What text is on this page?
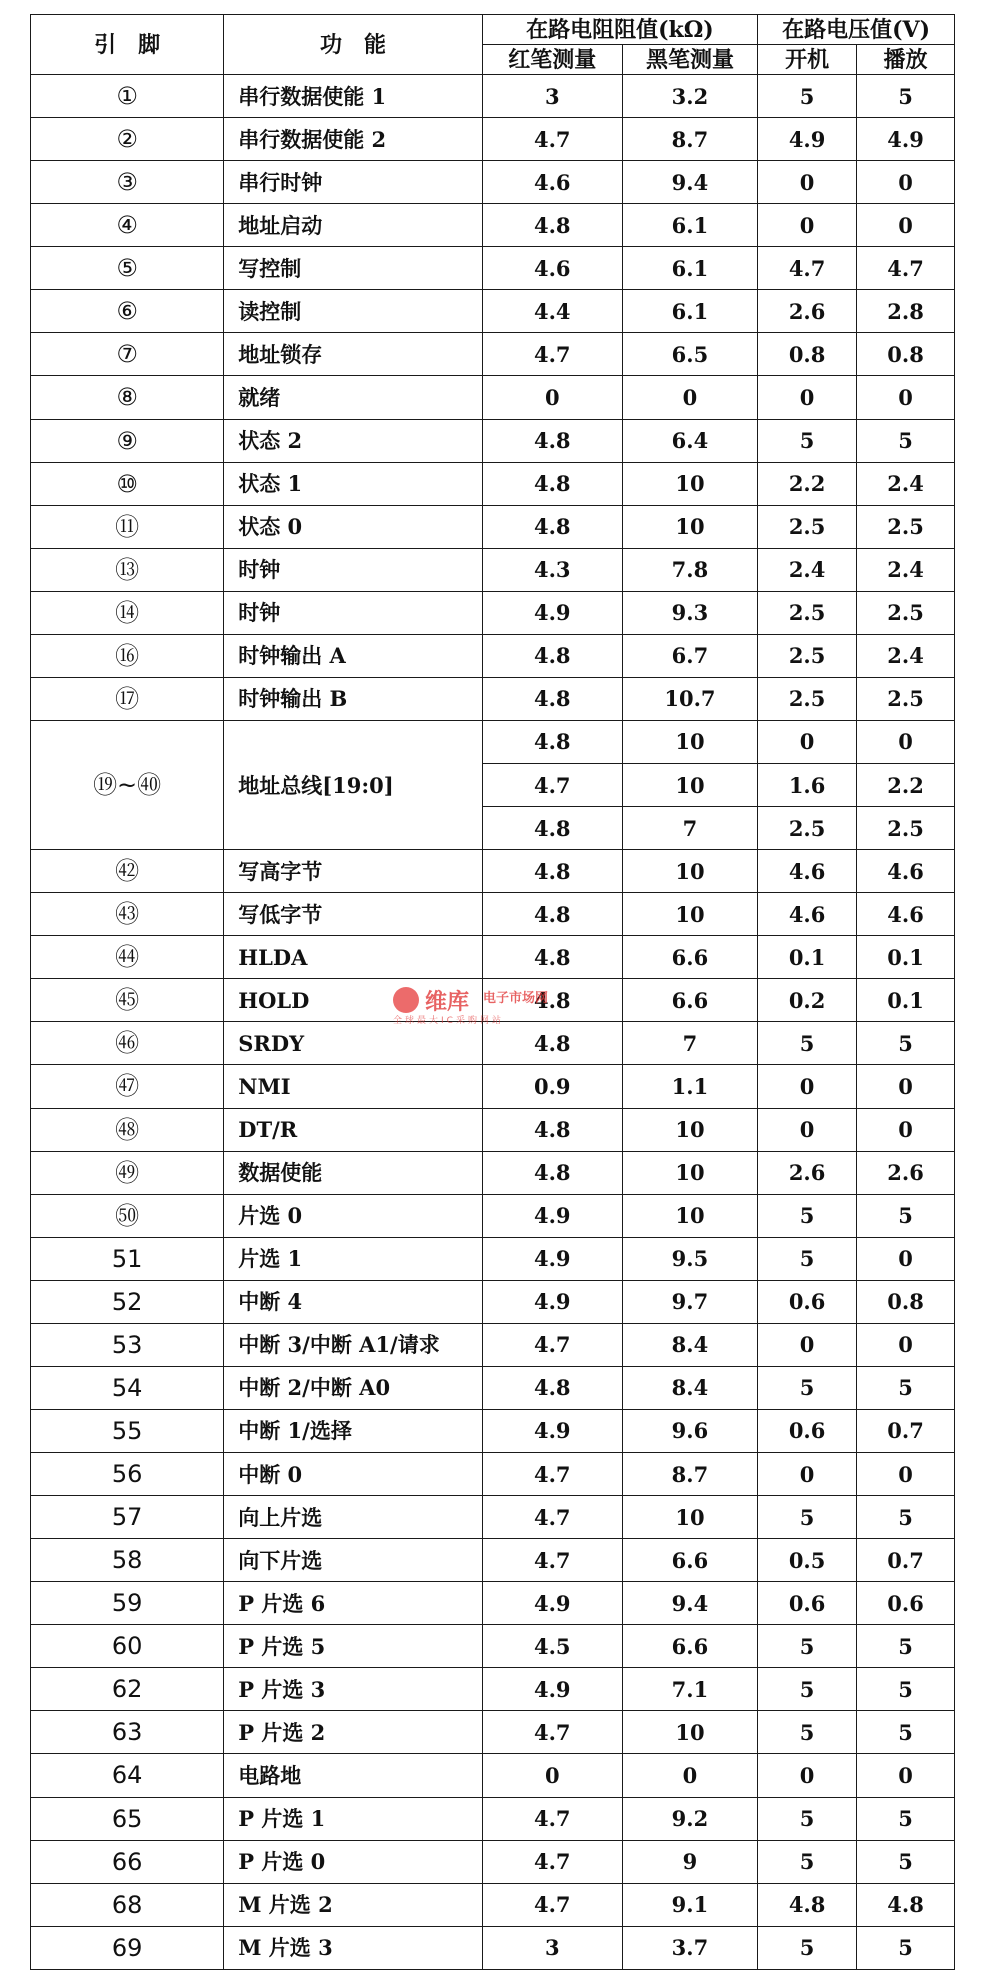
引　脚	功　能	在路电阻阻值(kΩ)		在路电压值(V)	
		红笔测量	黑笔测量	开机	播放
①	串行数据使能 1	3	3.2	5	5
②	串行数据使能 2	4.7	8.7	4.9	4.9
③	串行时钟	4.6	9.4	0	0
④	地址启动	4.8	6.1	0	0
⑤	写控制	4.6	6.1	4.7	4.7
⑥	读控制	4.4	6.1	2.6	2.8
⑦	地址锁存	4.7	6.5	0.8	0.8
⑧	就绪	0	0	0	0
⑨	状态 2	4.8	6.4	5	5
⑩	状态 1	4.8	10	2.2	2.4
⑪	状态 0	4.8	10	2.5	2.5
⑬	时钟	4.3	7.8	2.4	2.4
⑭	时钟	4.9	9.3	2.5	2.5
⑯	时钟输出 A	4.8	6.7	2.5	2.4
⑰	时钟输出 B	4.8	10.7	2.5	2.5
⑲~㊵	地址总线[19:0]	4.8	10	0	0
		4.7	10	1.6	2.2
		4.8	7	2.5	2.5
㊷	写高字节	4.8	10	4.6	4.6
㊸	写低字节	4.8	10	4.6	4.6
㊹	HLDA	4.8	6.6	0.1	0.1
㊺	HOLD	4.8	6.6	0.2	0.1
㊻	SRDY	4.8	7	5	5
㊼	NMI	0.9	1.1	0	0
㊽	DT/R	4.8	10	0	0
㊾	数据使能	4.8	10	2.6	2.6
㊿	片选 0	4.9	10	5	5
51	片选 1	4.9	9.5	5	0
52	中断 4	4.9	9.7	0.6	0.8
53	中断 3/中断 A1/请求	4.7	8.4	0	0
54	中断 2/中断 A0	4.8	8.4	5	5
55	中断 1/选择	4.9	9.6	0.6	0.7
56	中断 0	4.7	8.7	0	0
57	向上片选	4.7	10	5	5
58	向下片选	4.7	6.6	0.5	0.7
59	P 片选 6	4.9	9.4	0.6	0.6
60	P 片选 5	4.5	6.6	5	5
62	P 片选 3	4.9	7.1	5	5
63	P 片选 2	4.7	10	5	5
64	电路地	0	0	0	0
65	P 片选 1	4.7	9.2	5	5
66	P 片选 0	4.7	9	5	5
68	M 片选 2	4.7	9.1	4.8	4.8
69	M 片选 3	3	3.7	5	5
维库 电子市场网
全球最大IC采购网站
